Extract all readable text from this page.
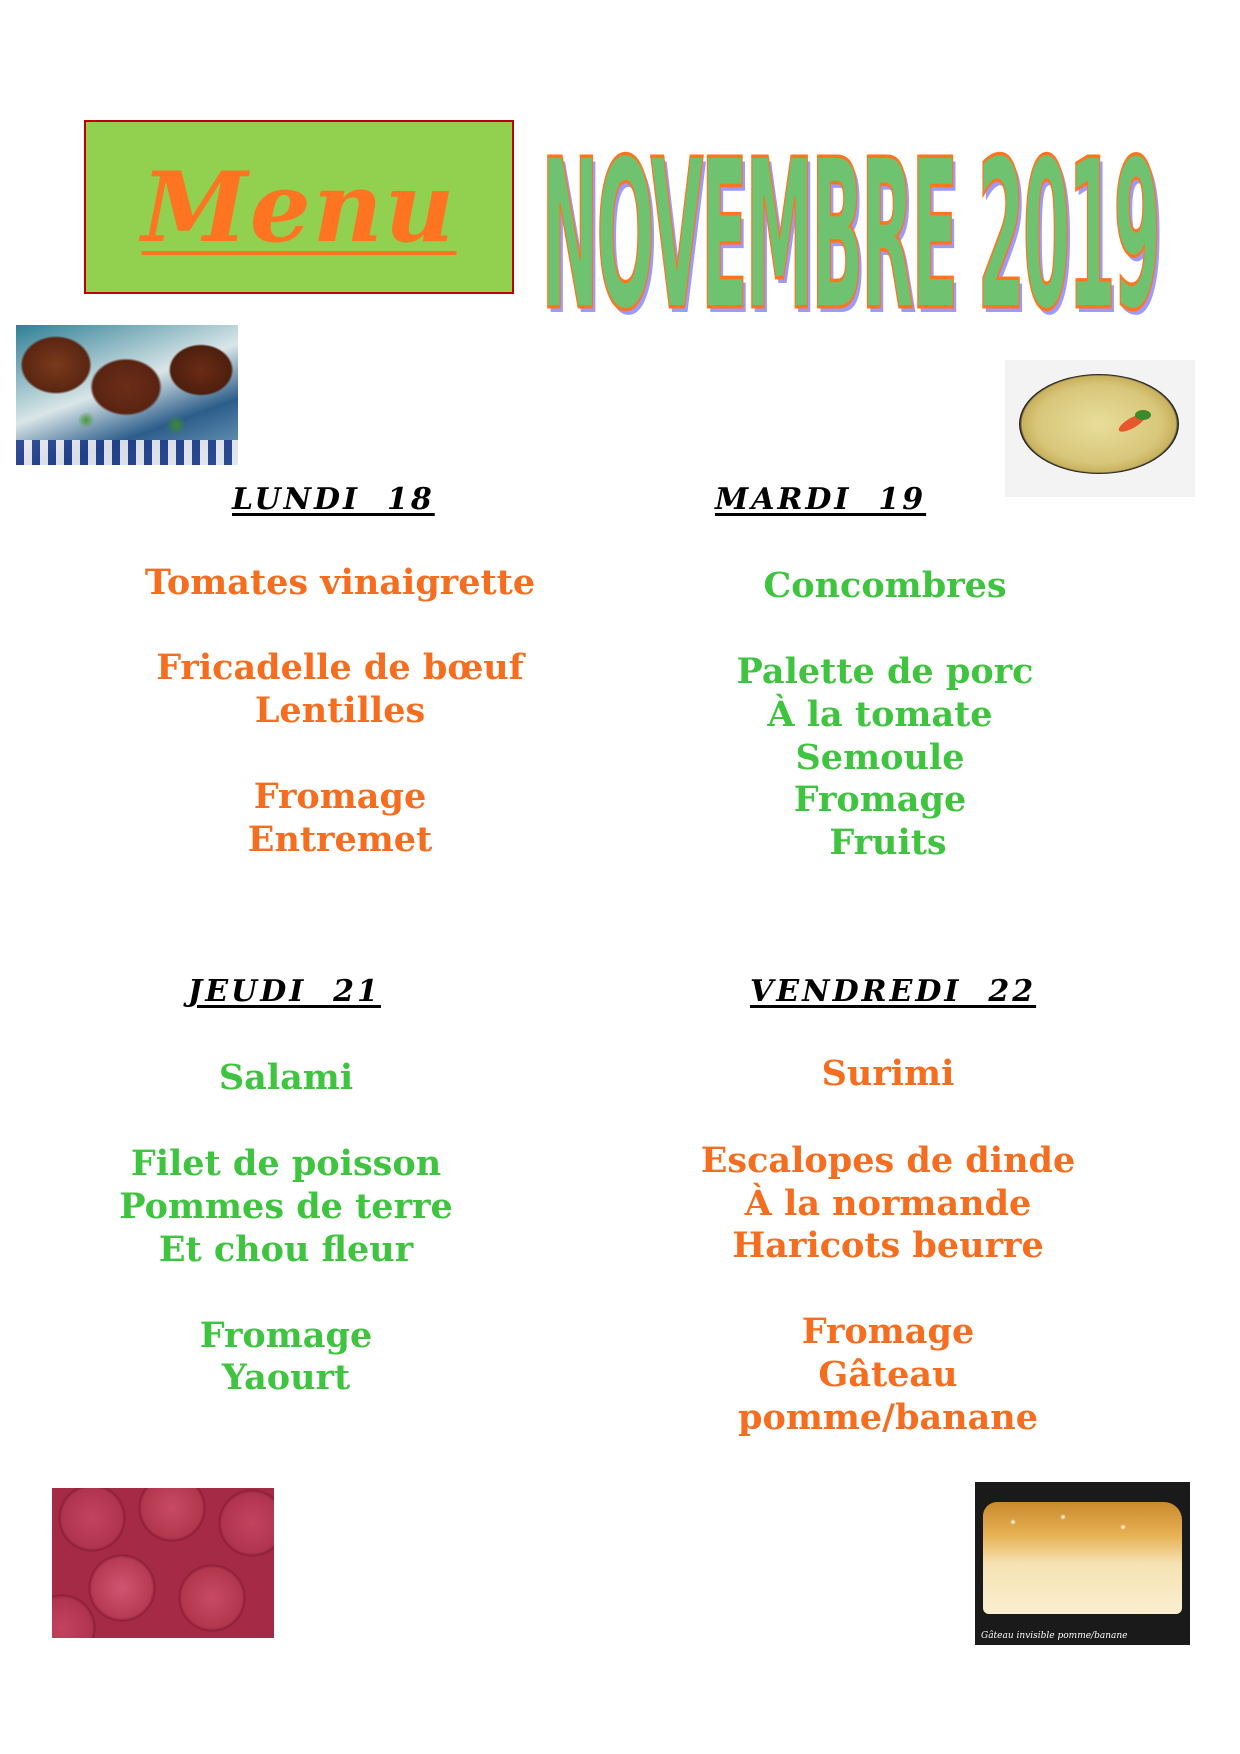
Menu NOVEMBRE 2019
Gâteau invisible pomme/banane
LUNDI  18
Tomates vinaigrette
Fricadelle de bœuf
Lentilles
Fromage
Entremet
MARDI  19
Concombres
Palette de porc
À la tomate
Semoule
Fromage
Fruits
JEUDI  21
Salami
Filet de poisson
Pommes de terre
Et chou fleur
Fromage
Yaourt
VENDREDI  22
Surimi
Escalopes de dinde
À la normande
Haricots beurre
Fromage
Gâteau
pomme/banane
